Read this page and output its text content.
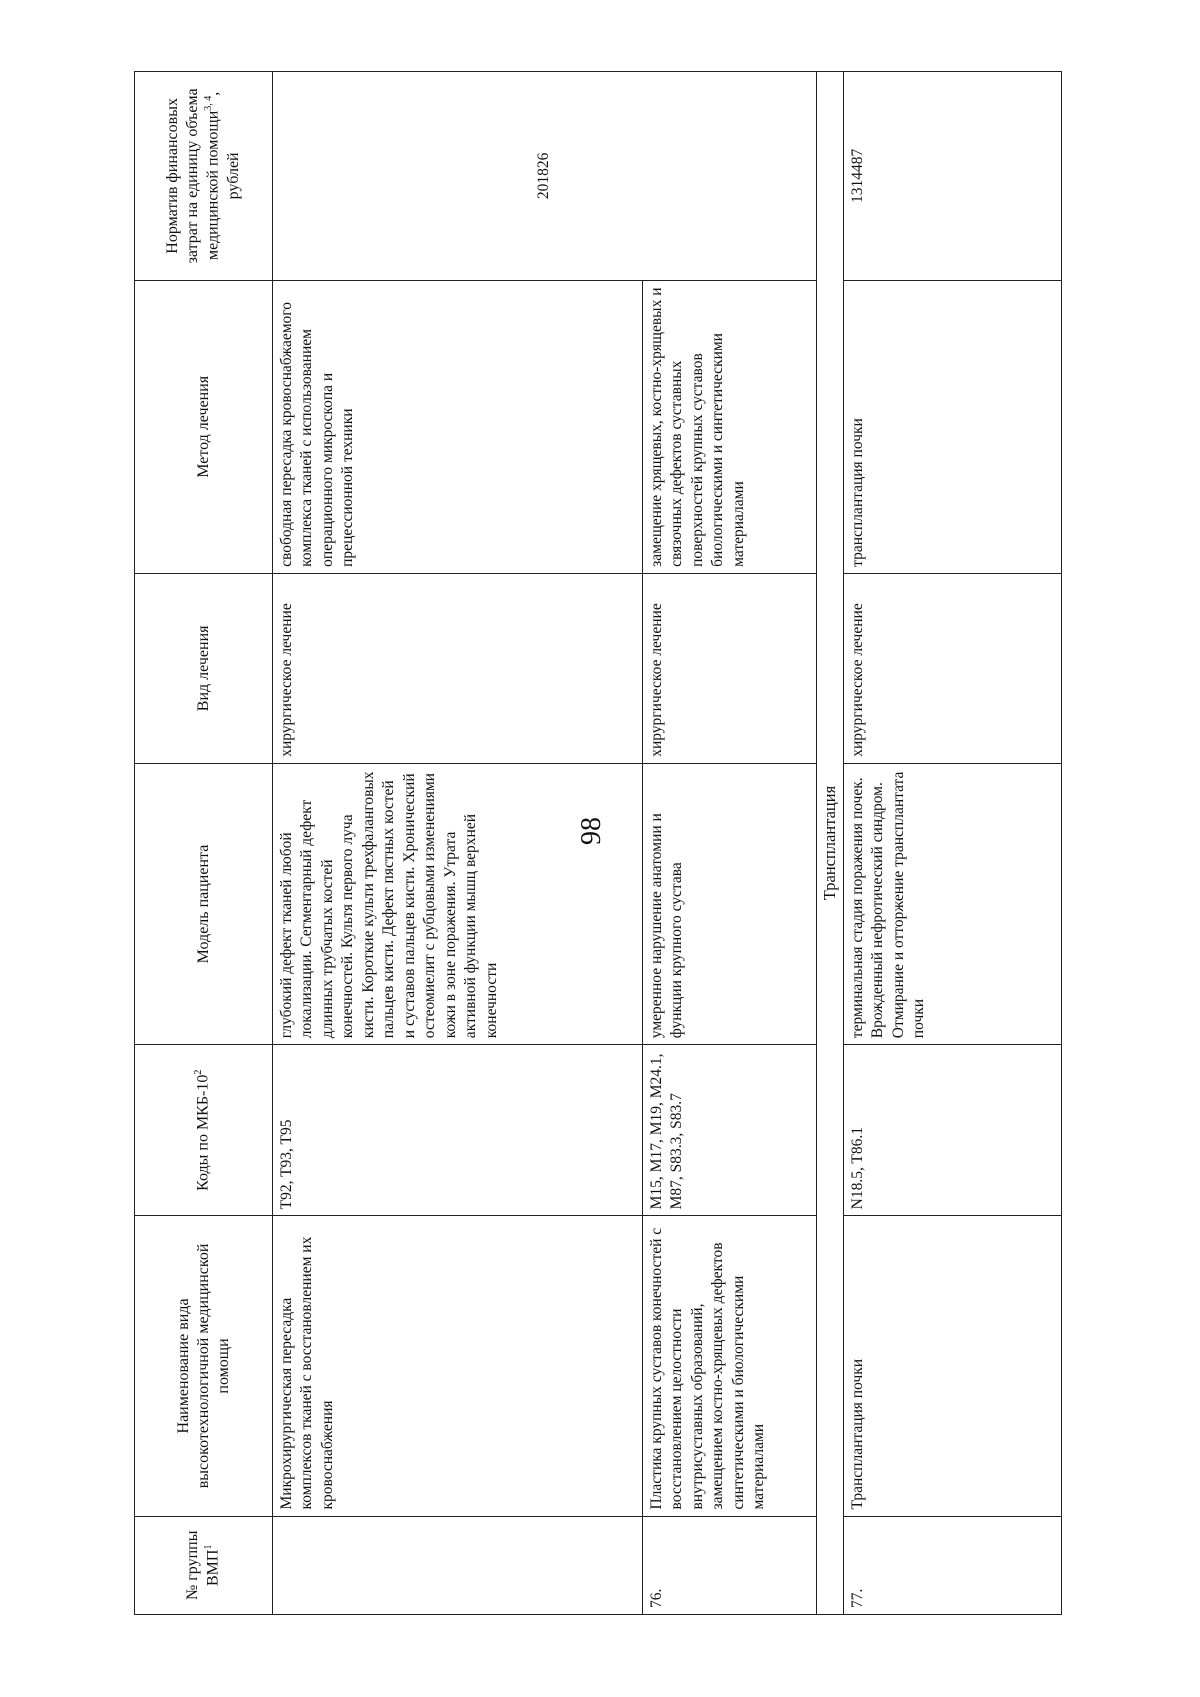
98
№ группы ВМП$^1$	Наименование вида высокотехнологичной медицинской помощи	Коды по МКБ-$10^2$	Модель пациента	Вид лечения	Метод лечения	Норматив финансовых затрат на единицу объема медицинской помощи$^{3, 4}$, рублей
	Микрохирургическая пересадка комплексов тканей с восстановлением их кровоснабжения	T92, T93, T95	глубокий дефект тканей любой локализации. Сегментарный дефект длинных трубчатых костей конечностей. Культя первого луча кисти. Короткие культи трехфаланговых пальцев кисти. Дефект пястных костей и суставов пальцев кисти. Хронический остеомиелит с рубцовыми изменениями кожи в зоне поражения. Утрата активной функции мышц верхней конечности	хирургическое лечение	свободная пересадка кровоснабжаемого комплекса тканей с использованием операционного микроскопа и прецессионной техники	201826
76.	Пластика крупных суставов конечностей с восстановлением целостности внутрисуставных образований, замещением костно-хрящевых дефектов синтетическими и биологическими материалами	M15, M17, M19, M24.1, M87, S83.3, S83.7	умеренное нарушение анатомии и функции крупного сустава	хирургическое лечение	замещение хрящевых, костно-хрящевых и связочных дефектов суставных поверхностей крупных суставов биологическими и синтетическими материалами	
Трансплантация						
77.	Трансплантация почки	N18.5, T86.1	терминальная стадия поражения почек. Врожденный нефротический синдром. Отмирание и отторжение трансплантата почки	хирургическое лечение	трансплантация почки	1314487
